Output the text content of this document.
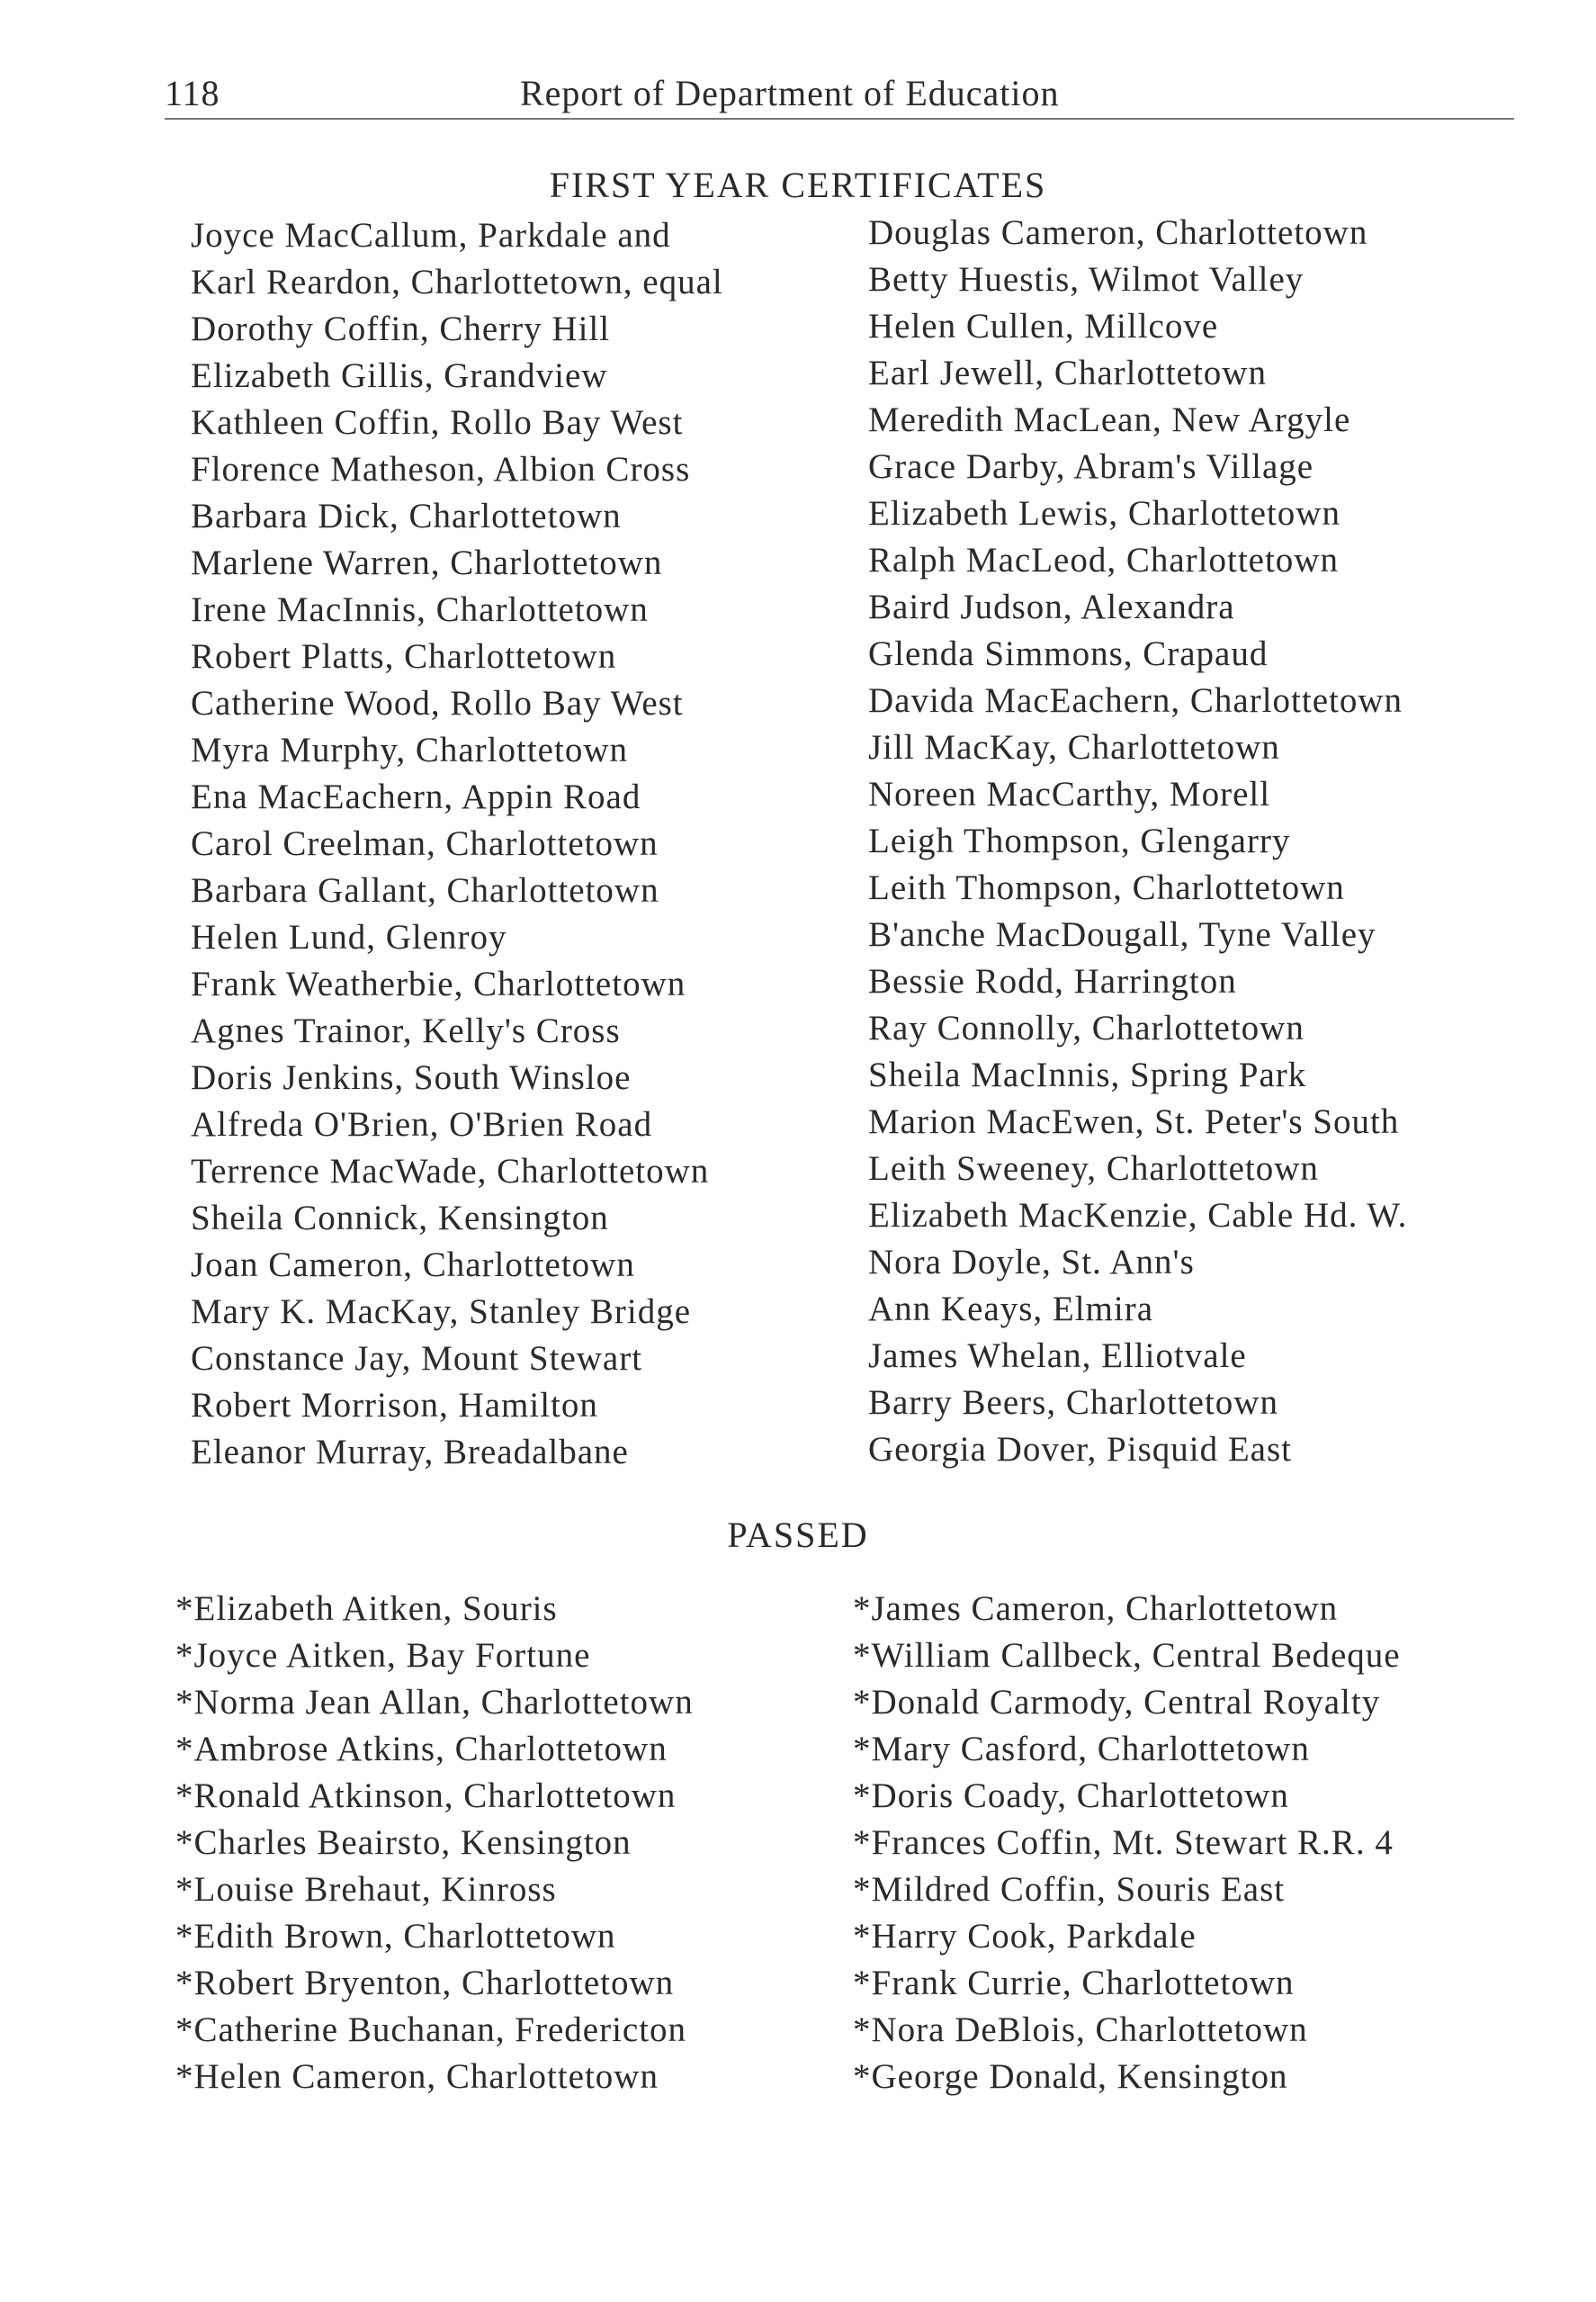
118	Report of Department of Education
FIRST YEAR CERTIFICATES
Joyce MacCallum, Parkdale and
Karl Reardon, Charlottetown, equal
Dorothy Coffin, Cherry Hill
Elizabeth Gillis, Grandview
Kathleen Coffin, Rollo Bay West
Florence Matheson, Albion Cross
Barbara Dick, Charlottetown
Marlene Warren, Charlottetown
Irene MacInnis, Charlottetown
Robert Platts, Charlottetown
Catherine Wood, Rollo Bay West
Myra Murphy, Charlottetown
Ena MacEachern, Appin Road
Carol Creelman, Charlottetown
Barbara Gallant, Charlottetown
Helen Lund, Glenroy
Frank Weatherbie, Charlottetown
Agnes Trainor, Kelly's Cross
Doris Jenkins, South Winsloe
Alfreda O'Brien, O'Brien Road
Terrence MacWade, Charlottetown
Sheila Connick, Kensington
Joan Cameron, Charlottetown
Mary K. MacKay, Stanley Bridge
Constance Jay, Mount Stewart
Robert Morrison, Hamilton
Eleanor Murray, Breadalbane
Douglas Cameron, Charlottetown
Betty Huestis, Wilmot Valley
Helen Cullen, Millcove
Earl Jewell, Charlottetown
Meredith MacLean, New Argyle
Grace Darby, Abram's Village
Elizabeth Lewis, Charlottetown
Ralph MacLeod, Charlottetown
Baird Judson, Alexandra
Glenda Simmons, Crapaud
Davida MacEachern, Charlottetown
Jill MacKay, Charlottetown
Noreen MacCarthy, Morell
Leigh Thompson, Glengarry
Leith Thompson, Charlottetown
B'anche MacDougall, Tyne Valley
Bessie Rodd, Harrington
Ray Connolly, Charlottetown
Sheila MacInnis, Spring Park
Marion MacEwen, St. Peter's South
Leith Sweeney, Charlottetown
Elizabeth MacKenzie, Cable Hd. W.
Nora Doyle, St. Ann's
Ann Keays, Elmira
James Whelan, Elliotvale
Barry Beers, Charlottetown
Georgia Dover, Pisquid East
PASSED
*Elizabeth Aitken, Souris
*Joyce Aitken, Bay Fortune
*Norma Jean Allan, Charlottetown
*Ambrose Atkins, Charlottetown
*Ronald Atkinson, Charlottetown
*Charles Beairsto, Kensington
*Louise Brehaut, Kinross
*Edith Brown, Charlottetown
*Robert Bryenton, Charlottetown
*Catherine Buchanan, Fredericton
*Helen Cameron, Charlottetown
*James Cameron, Charlottetown
*William Callbeck, Central Bedeque
*Donald Carmody, Central Royalty
*Mary Casford, Charlottetown
*Doris Coady, Charlottetown
*Frances Coffin, Mt. Stewart R.R. 4
*Mildred Coffin, Souris East
*Harry Cook, Parkdale
*Frank Currie, Charlottetown
*Nora DeBlois, Charlottetown
*George Donald, Kensington
